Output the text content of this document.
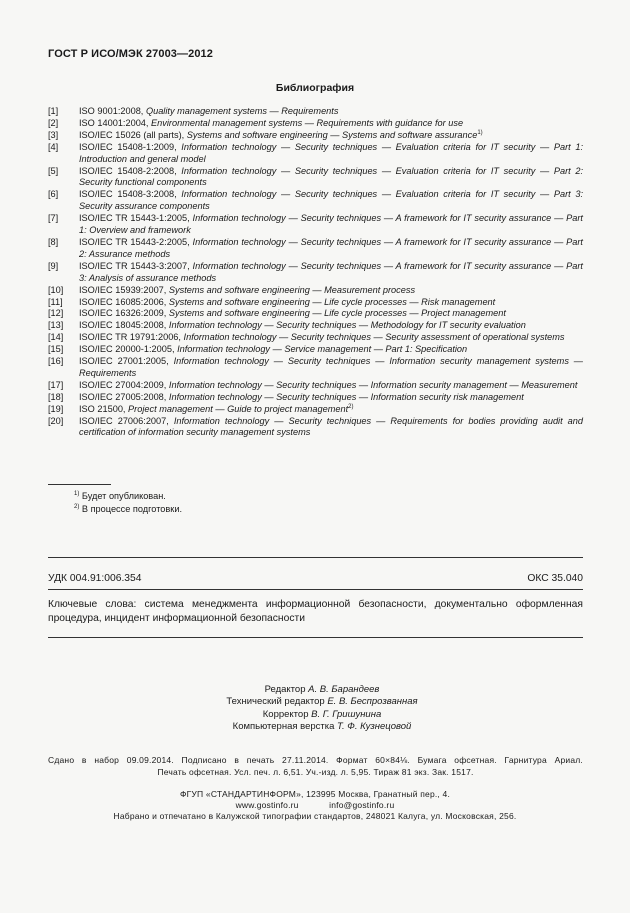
ГОСТ Р ИСО/МЭК 27003—2012
Библиография
[1]	ISO 9001:2008, Quality management systems — Requirements
[2]	ISO 14001:2004, Environmental management systems — Requirements with guidance for use
[3]	ISO/IEC 15026 (all parts), Systems and software engineering — Systems and software assurance$^{1)}$
[4]	ISO/IEC 15408-1:2009, Information technology — Security techniques — Evaluation criteria for IT security — Part 1: Introduction and general model
[5]	ISO/IEC 15408-2:2008, Information technology — Security techniques — Evaluation criteria for IT security — Part 2: Security functional components
[6]	ISO/IEC 15408-3:2008, Information technology — Security techniques — Evaluation criteria for IT security — Part 3: Security assurance components
[7]	ISO/IEC TR 15443-1:2005, Information technology — Security techniques — A framework for IT security assurance — Part 1: Overview and framework
[8]	ISO/IEC TR 15443-2:2005, Information technology — Security techniques — A framework for IT security assurance — Part 2: Assurance methods
[9]	ISO/IEC TR 15443-3:2007, Information technology — Security techniques — A framework for IT security assurance — Part 3: Analysis of assurance methods
[10]	ISO/IEC 15939:2007, Systems and software engineering — Measurement process
[11]	ISO/IEC 16085:2006, Systems and software engineering — Life cycle processes — Risk management
[12]	ISO/IEC 16326:2009, Systems and software engineering — Life cycle processes — Project management
[13]	ISO/IEC 18045:2008, Information technology — Security techniques — Methodology for IT security evaluation
[14]	ISO/IEC TR 19791:2006, Information technology — Security techniques — Security assessment of operational systems
[15]	ISO/IEC 20000-1:2005, Information technology — Service management — Part 1: Specification
[16]	ISO/IEC 27001:2005, Information technology — Security techniques — Information security management systems — Requirements
[17]	ISO/IEC 27004:2009, Information technology — Security techniques — Information security management — Measurement
[18]	ISO/IEC 27005:2008, Information technology — Security techniques — Information security risk management
[19]	ISO 21500, Project management — Guide to project management$^{2)}$
[20]	ISO/IEC 27006:2007, Information technology — Security techniques — Requirements for bodies providing audit and certification of information security management systems
$^{1)}$ Будет опубликован.
$^{2)}$ В процессе подготовки.
УДК 004.91:006.354	ОКС 35.040
Ключевые слова: система менеджмента информационной безопасности, документально оформленная процедура, инцидент информационной безопасности
Редактор А. В. Барандеев
Технический редактор Е. В. Беспрозванная
Корректор В. Г. Гришунина
Компьютерная верстка Т. Ф. Кузнецовой
Сдано в набор 09.09.2014. Подписано в печать 27.11.2014. Формат 60×84⅛. Бумага офсетная. Гарнитура Ариал.
Печать офсетная. Усл. печ. л. 6,51. Уч.-изд. л. 5,95. Тираж 81 экз. Зак. 1517.
ФГУП «СТАНДАРТИНФОРМ», 123995 Москва, Гранатный пер., 4.
www.gostinfo.ru	info@gostinfo.ru
Набрано и отпечатано в Калужской типографии стандартов, 248021 Калуга, ул. Московская, 256.
